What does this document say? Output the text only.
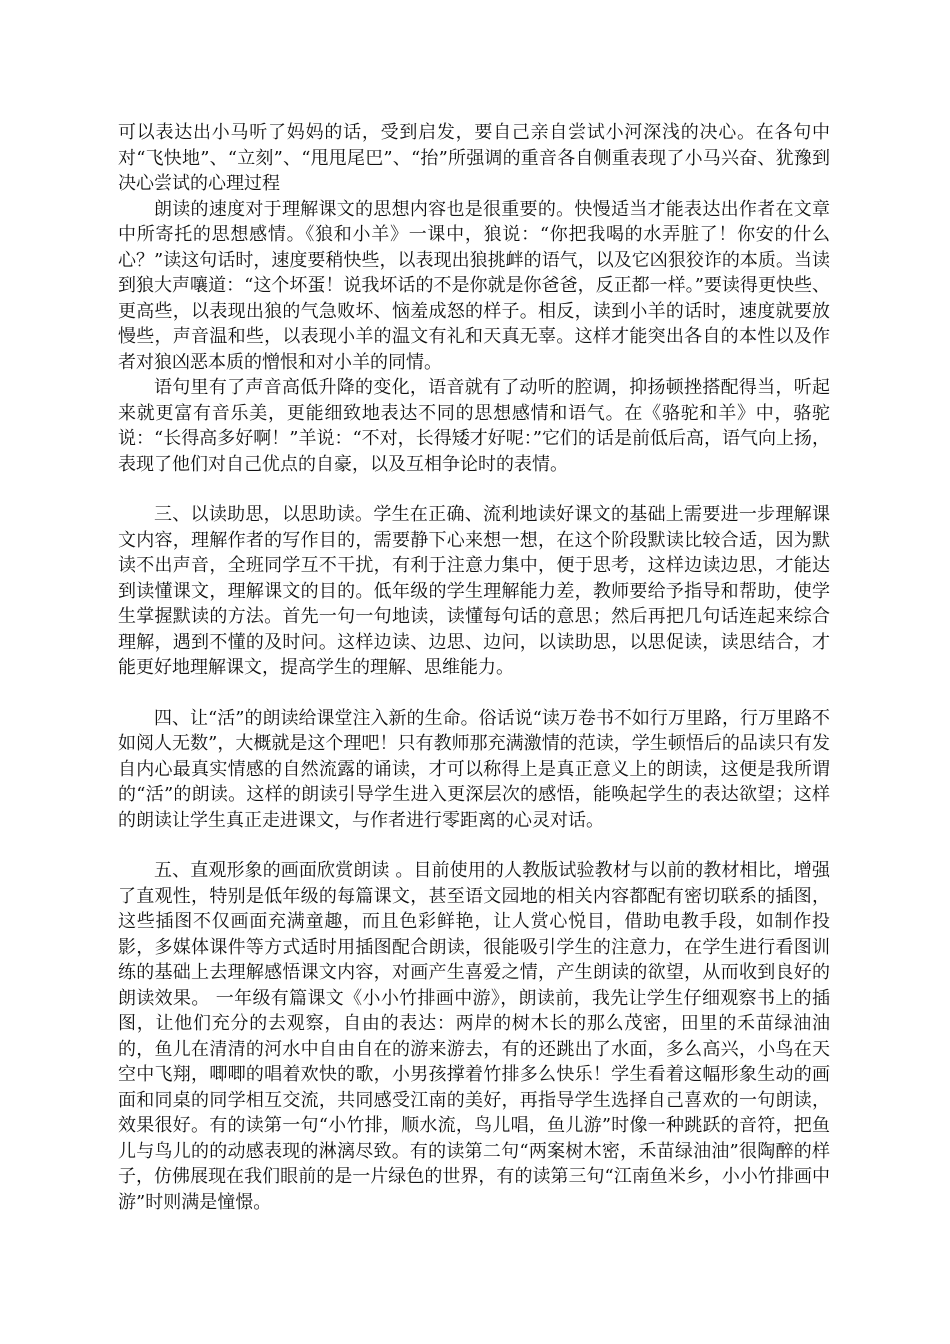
可以表达出小马听了妈妈的话，受到启发，要自己亲自尝试小河深浅的决心。在各句中对“飞快地”、“立刻”、“甩甩尾巴”、“抬”所强调的重音各自侧重表现了小马兴奋、犹豫到决心尝试的心理过程

朗读的速度对于理解课文的思想内容也是很重要的。快慢适当才能表达出作者在文章中所寄托的思想感情。《狼和小羊》一课中，狼说：“你把我喝的水弄脏了！你安的什么心？”读这句话时，速度要稍快些，以表现出狼挑衅的语气，以及它凶狠狡诈的本质。当读到狼大声嚷道：“这个坏蛋！说我坏话的不是你就是你爸爸，反正都一样。”要读得更快些、更高些，以表现出狼的气急败坏、恼羞成怒的样子。相反，读到小羊的话时，速度就要放慢些，声音温和些，以表现小羊的温文有礼和天真无辜。这样才能突出各自的本性以及作者对狼凶恶本质的憎恨和对小羊的同情。

语句里有了声音高低升降的变化，语音就有了动听的腔调，抑扬顿挫搭配得当，听起来就更富有音乐美，更能细致地表达不同的思想感情和语气。在《骆驼和羊》中，骆驼说：“长得高多好啊！”羊说：“不对，长得矮才好呢：”它们的话是前低后高，语气向上扬，表现了他们对自己优点的自豪，以及互相争论时的表情。

三、以读助思，以思助读。学生在正确、流利地读好课文的基础上需要进一步理解课文内容，理解作者的写作目的，需要静下心来想一想，在这个阶段默读比较合适，因为默读不出声音，全班同学互不干扰，有利于注意力集中，便于思考，这样边读边思，才能达到读懂课文，理解课文的目的。低年级的学生理解能力差，教师要给予指导和帮助，使学生掌握默读的方法。首先一句一句地读，读懂每句话的意思；然后再把几句话连起来综合理解，遇到不懂的及时问。这样边读、边思、边问，以读助思，以思促读，读思结合，才能更好地理解课文，提高学生的理解、思维能力。

四、让“活”的朗读给课堂注入新的生命。俗话说“读万卷书不如行万里路，行万里路不如阅人无数”，大概就是这个理吧！只有教师那充满激情的范读，学生顿悟后的品读只有发自内心最真实情感的自然流露的诵读，才可以称得上是真正意义上的朗读，这便是我所谓的“活”的朗读。这样的朗读引导学生进入更深层次的感悟，能唤起学生的表达欲望；这样的朗读让学生真正走进课文，与作者进行零距离的心灵对话。

五、直观形象的画面欣赏朗读 。目前使用的人教版试验教材与以前的教材相比，增强了直观性，特别是低年级的每篇课文，甚至语文园地的相关内容都配有密切联系的插图，这些插图不仅画面充满童趣，而且色彩鲜艳，让人赏心悦目，借助电教手段，如制作投影，多媒体课件等方式适时用插图配合朗读，很能吸引学生的注意力，在学生进行看图训练的基础上去理解感悟课文内容，对画产生喜爱之情，产生朗读的欲望，从而收到良好的朗读效果。 一年级有篇课文《小小竹排画中游》，朗读前，我先让学生仔细观察书上的插图，让他们充分的去观察，自由的表达：两岸的树木长的那么茂密，田里的禾苗绿油油的，鱼儿在清清的河水中自由自在的游来游去，有的还跳出了水面，多么高兴，小鸟在天空中飞翔，唧唧的唱着欢快的歌，小男孩撑着竹排多么快乐！学生看着这幅形象生动的画面和同桌的同学相互交流，共同感受江南的美好，再指导学生选择自己喜欢的一句朗读，效果很好。有的读第一句“小竹排，顺水流，鸟儿唱，鱼儿游”时像一种跳跃的音符，把鱼儿与鸟儿的的动感表现的淋漓尽致。有的读第二句“两案树木密，禾苗绿油油”很陶醉的样子，仿佛展现在我们眼前的是一片绿色的世界，有的读第三句“江南鱼米乡，小小竹排画中游”时则满是憧憬。
